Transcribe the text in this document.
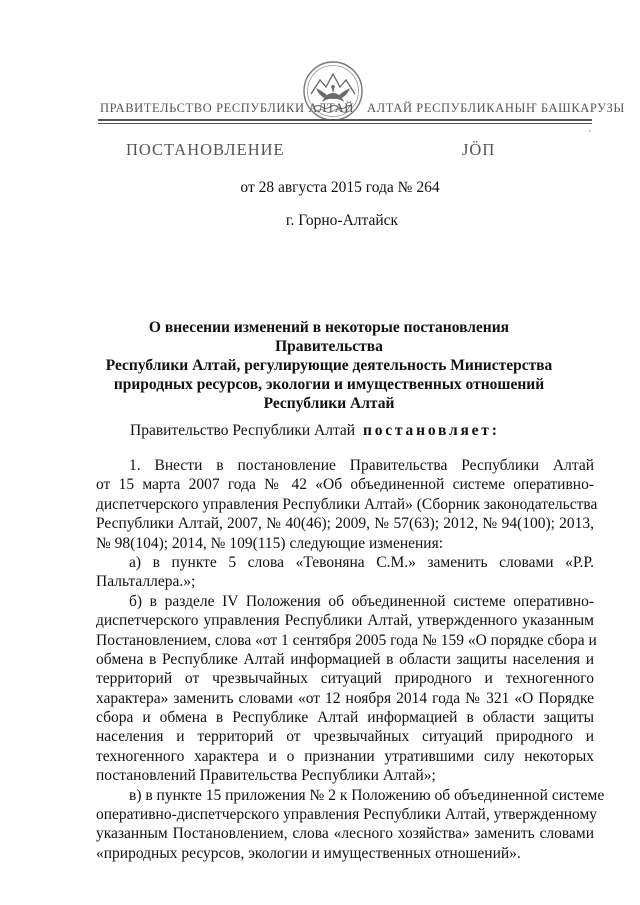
ПРАВИТЕЛЬСТВО РЕСПУБЛИКИ АЛТАЙ АЛТАЙ РЕСПУБЛИКАНЫҤ БАШКАРУЗЫ
'
ПОСТАНОВЛЕНИЕ	ЈӦП
от 28 августа 2015 года № 264
г. Горно-Алтайск
О внесении изменений в некоторые постановления Правительства
Республики Алтай, регулирующие деятельность Министерства
природных ресурсов, экологии и имущественных отношений
Республики Алтай
Правительство Республики Алтай постановляет:
1. Внести в постановление Правительства Республики Алтай
от 15 марта 2007 года № 42 «Об объединенной системе оперативно-
диспетчерского управления Республики Алтай» (Сборник законодательства
Республики Алтай, 2007, № 40(46); 2009, № 57(63); 2012, № 94(100); 2013,
№ 98(104); 2014, № 109(115) следующие изменения:
а) в пункте 5 слова «Тевоняна С.М.» заменить словами «Р.Р.
Пальталлера.»;
б) в разделе IV Положения об объединенной системе оперативно-
диспетчерского управления Республики Алтай, утвержденного указанным
Постановлением, слова «от 1 сентября 2005 года № 159 «О порядке сбора и
обмена в Республике Алтай информацией в области защиты населения и
территорий от чрезвычайных ситуаций природного и техногенного
характера» заменить словами «от 12 ноября 2014 года № 321 «О Порядке
сбора и обмена в Республике Алтай информацией в области защиты
населения и территорий от чрезвычайных ситуаций природного и
техногенного характера и о признании утратившими силу некоторых
постановлений Правительства Республики Алтай»;
в) в пункте 15 приложения № 2 к Положению об объединенной системе
оперативно-диспетчерского управления Республики Алтай, утвержденному
указанным Постановлением, слова «лесного хозяйства» заменить словами
«природных ресурсов, экологии и имущественных отношений».
